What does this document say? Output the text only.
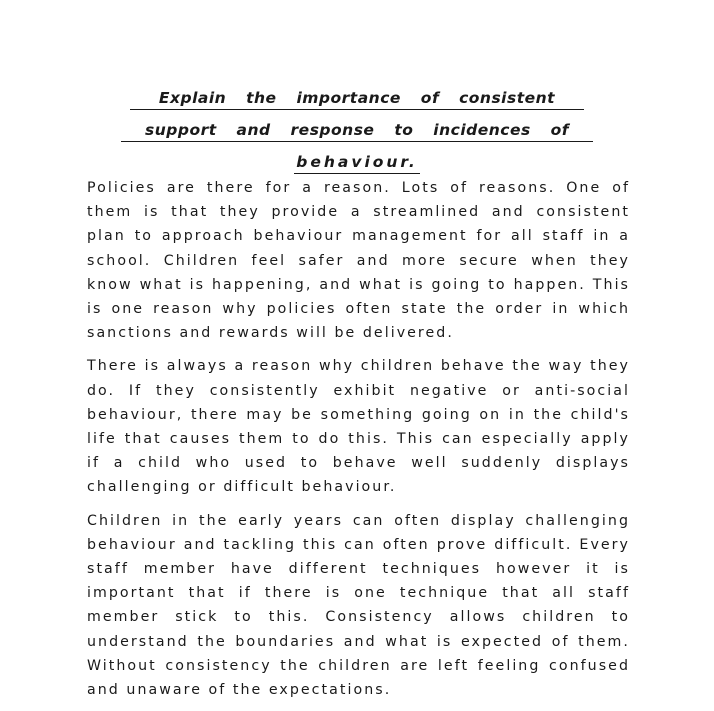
Explain the importance of consistent
support and response to incidences of
behaviour.

Policies are there for a reason. Lots of reasons. One of them is that they provide a streamlined and consistent plan to approach behaviour management for all staff in a school. Children feel safer and more secure when they know what is happening, and what is going to happen. This is one reason why policies often state the order in which sanctions and rewards will be delivered.

There is always a reason why children behave the way they do. If they consistently exhibit negative or anti-social behaviour, there may be something going on in the child's life that causes them to do this. This can especially apply if a child who used to behave well suddenly displays challenging or difficult behaviour.

Children in the early years can often display challenging behaviour and tackling this can often prove difficult. Every staff member have different techniques however it is important that if there is one technique that all staff member stick to this. Consistency allows children to understand the boundaries and what is expected of them. Without consistency the children are left feeling confused and unaware of the expectations.
